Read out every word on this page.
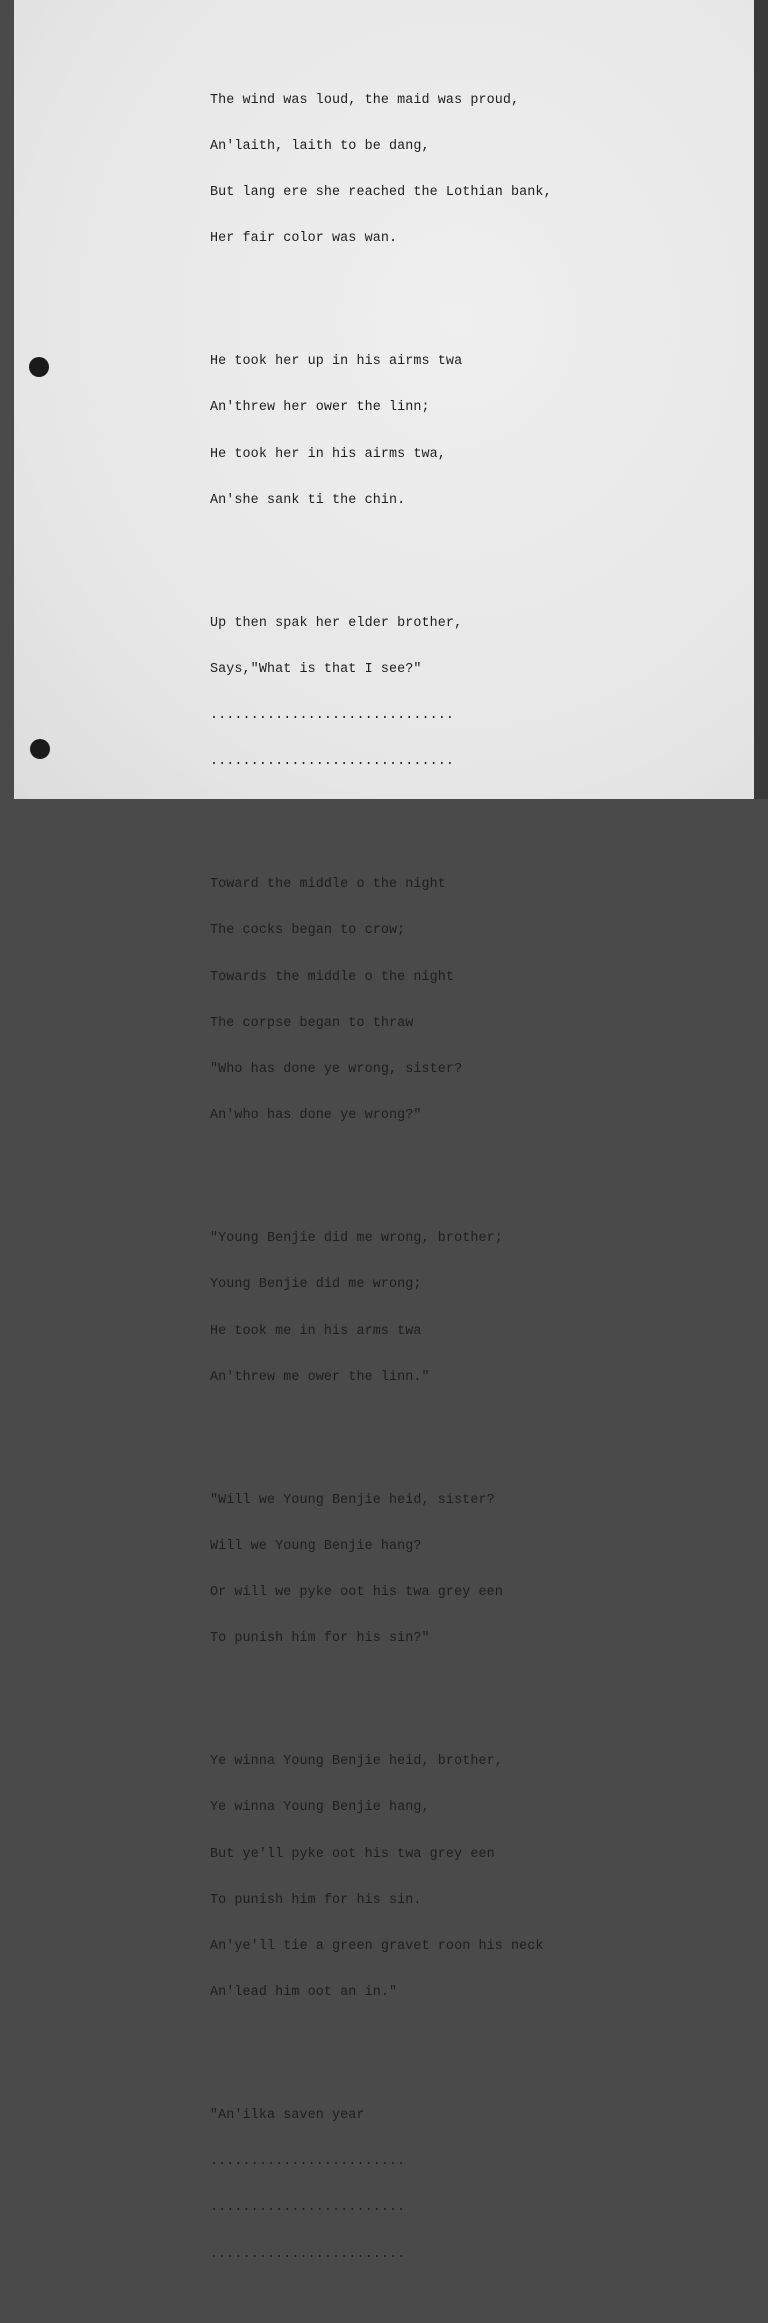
The wind was loud, the maid was proud,

An'laith, laith to be dang,

But lang ere she reached the Lothian bank,

Her fair color was wan.

He took her up in his airms twa

An'threw her ower the linn;

He took her in his airms twa,

An'she sank ti the chin.

Up then spak her elder brother,

Says,"What is that I see?"

..............................

..............................

Toward the middle o the night

The cocks began to crow;

Towards the middle o the night

The corpse began to thraw

"Who has done ye wrong, sister?

An'who has done ye wrong?"

"Young Benjie did me wrong, brother;

Young Benjie did me wrong;

He took me in his arms twa

An'threw me ower the linn."

"Will we Young Benjie heid, sister?

Will we Young Benjie hang?

Or will we pyke oot his twa grey een

To punish him for his sin?"

Ye winna Young Benjie heid, brother,

Ye winna Young Benjie hang,

But ye'll pyke oot his twa grey een

To punish him for his sin.

An'ye'll tie a green gravet roon his neck

An'lead him oot an in."

"An'ilka saven year

........................

........................

........................
